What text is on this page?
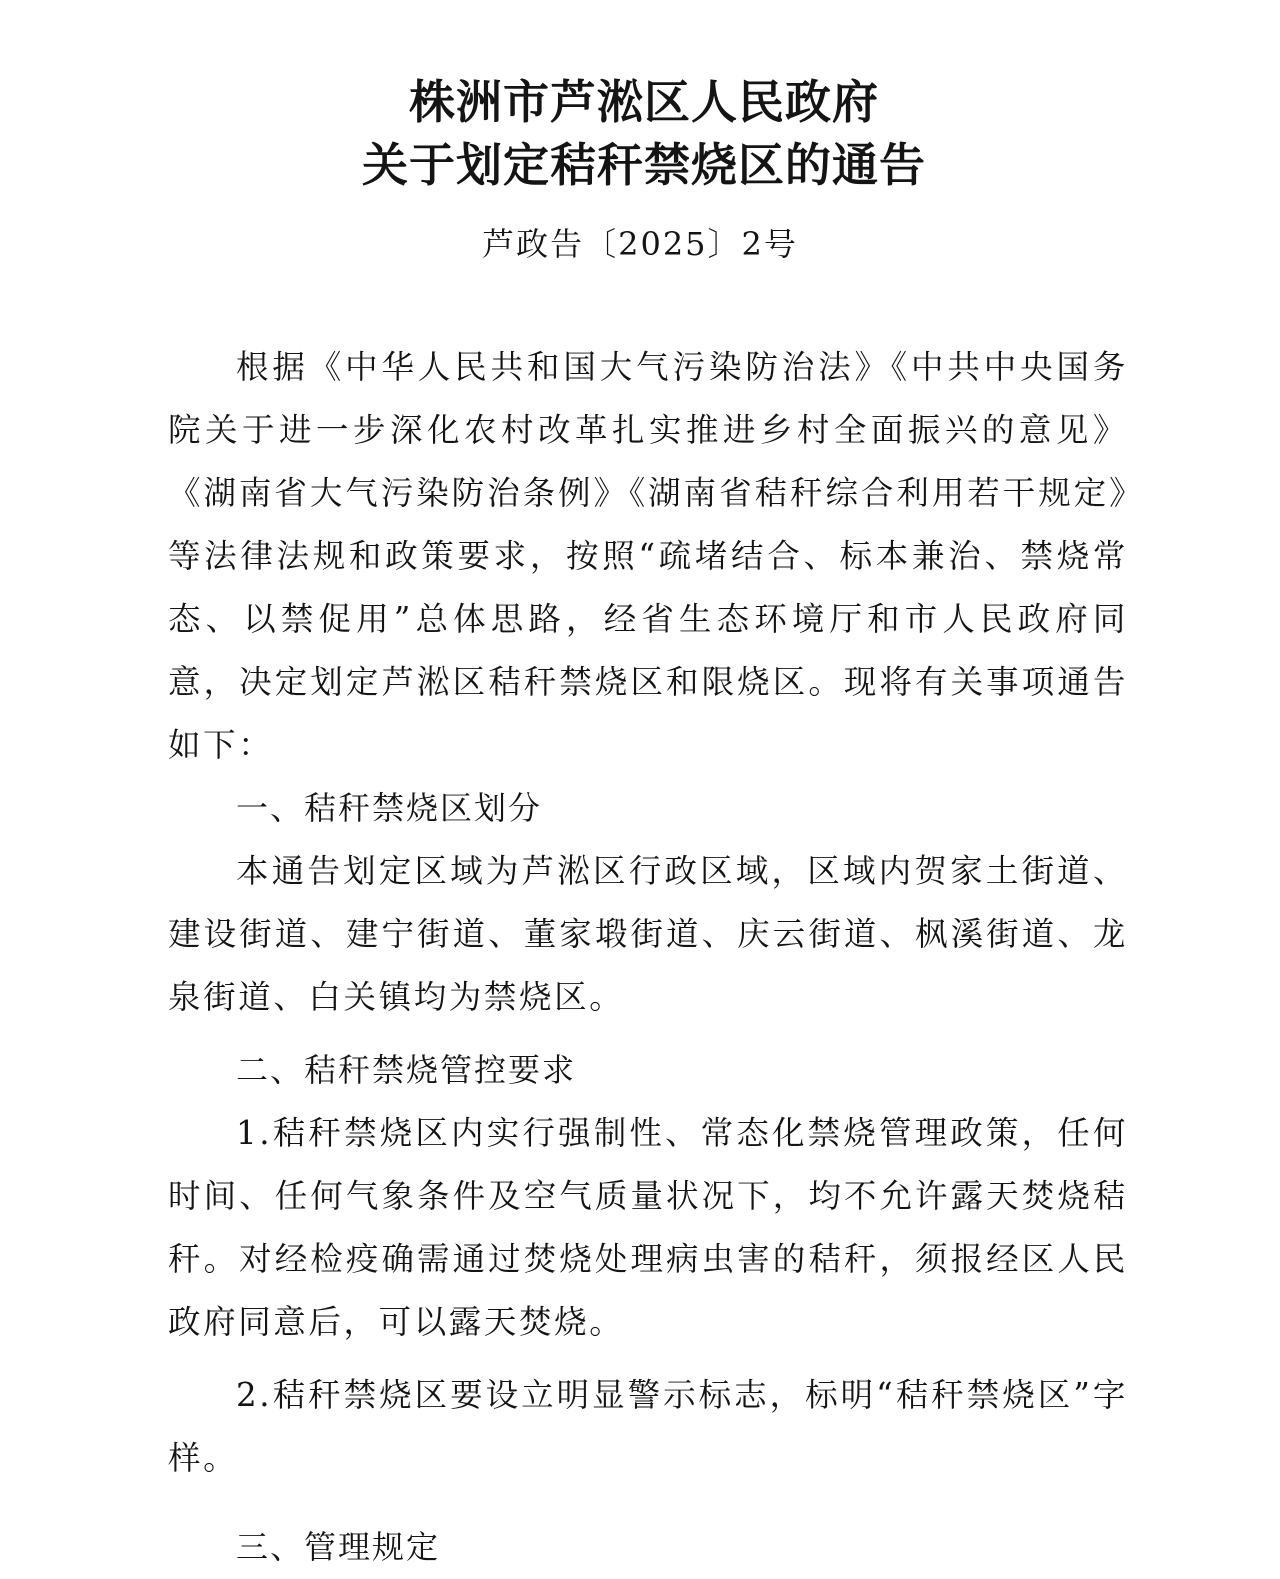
株洲市芦淞区人民政府
关于划定秸秆禁烧区的通告

芦政告〔2025〕2号

根据《中华人民共和国大气污染防治法》《中共中央国务院关于进一步深化农村改革扎实推进乡村全面振兴的意见》《湖南省大气污染防治条例》《湖南省秸秆综合利用若干规定》等法律法规和政策要求，按照“疏堵结合、标本兼治、禁烧常态、以禁促用”总体思路，经省生态环境厅和市人民政府同意，决定划定芦淞区秸秆禁烧区和限烧区。现将有关事项通告如下：

一、秸秆禁烧区划分

本通告划定区域为芦淞区行政区域，区域内贺家土街道、建设街道、建宁街道、董家塅街道、庆云街道、枫溪街道、龙泉街道、白关镇均为禁烧区。

二、秸秆禁烧管控要求

1.秸秆禁烧区内实行强制性、常态化禁烧管理政策，任何时间、任何气象条件及空气质量状况下，均不允许露天焚烧秸秆。对经检疫确需通过焚烧处理病虫害的秸秆，须报经区人民政府同意后，可以露天焚烧。

2.秸秆禁烧区要设立明显警示标志，标明“秸秆禁烧区”字样。

三、管理规定
